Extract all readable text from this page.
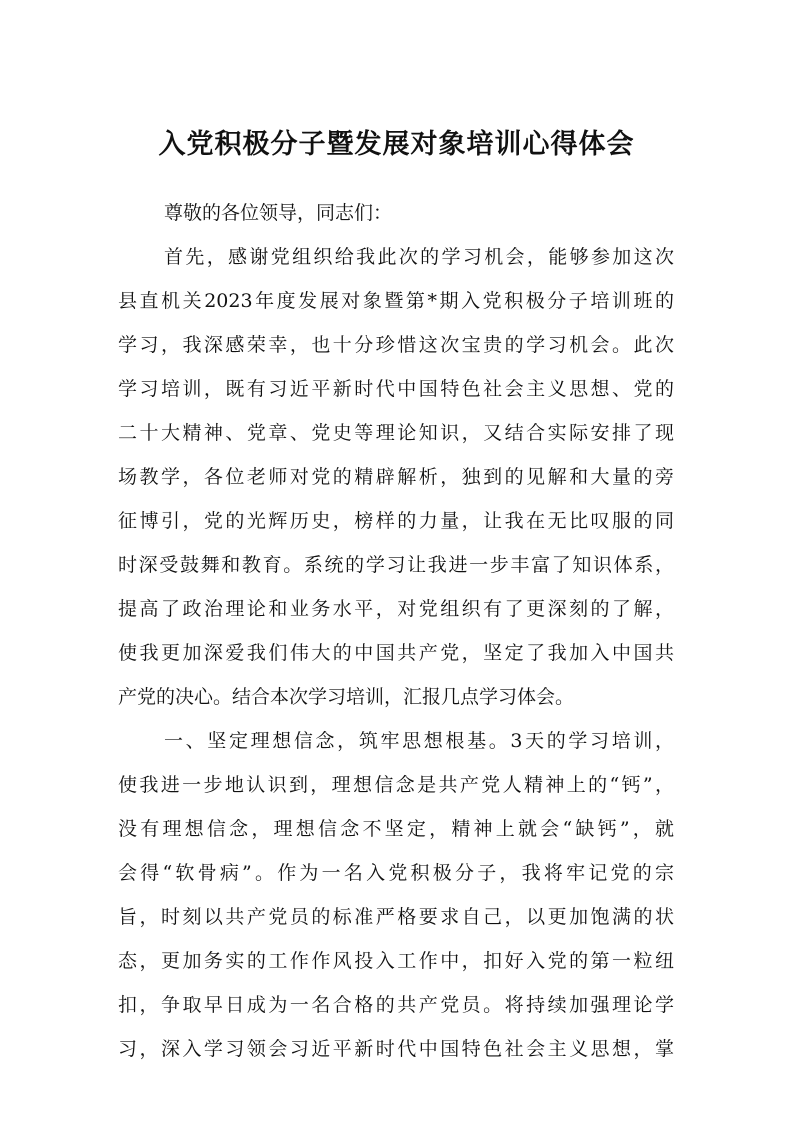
入党积极分子暨发展对象培训心得体会
尊敬的各位领导，同志们：
首先，感谢党组织给我此次的学习机会，能够参加这次
县直机关2023年度发展对象暨第*期入党积极分子培训班的
学习，我深感荣幸，也十分珍惜这次宝贵的学习机会。此次
学习培训，既有习近平新时代中国特色社会主义思想、党的
二十大精神、党章、党史等理论知识，又结合实际安排了现
场教学，各位老师对党的精辟解析，独到的见解和大量的旁
征博引，党的光辉历史，榜样的力量，让我在无比叹服的同
时深受鼓舞和教育。系统的学习让我进一步丰富了知识体系，
提高了政治理论和业务水平，对党组织有了更深刻的了解，
使我更加深爱我们伟大的中国共产党，坚定了我加入中国共
产党的决心。结合本次学习培训，汇报几点学习体会。
一、坚定理想信念，筑牢思想根基。3天的学习培训，
使我进一步地认识到，理想信念是共产党人精神上的“钙”，
没有理想信念，理想信念不坚定，精神上就会“缺钙”，就
会得“软骨病”。作为一名入党积极分子，我将牢记党的宗
旨，时刻以共产党员的标准严格要求自己，以更加饱满的状
态，更加务实的工作作风投入工作中，扣好入党的第一粒纽
扣，争取早日成为一名合格的共产党员。将持续加强理论学
习，深入学习领会习近平新时代中国特色社会主义思想，掌
